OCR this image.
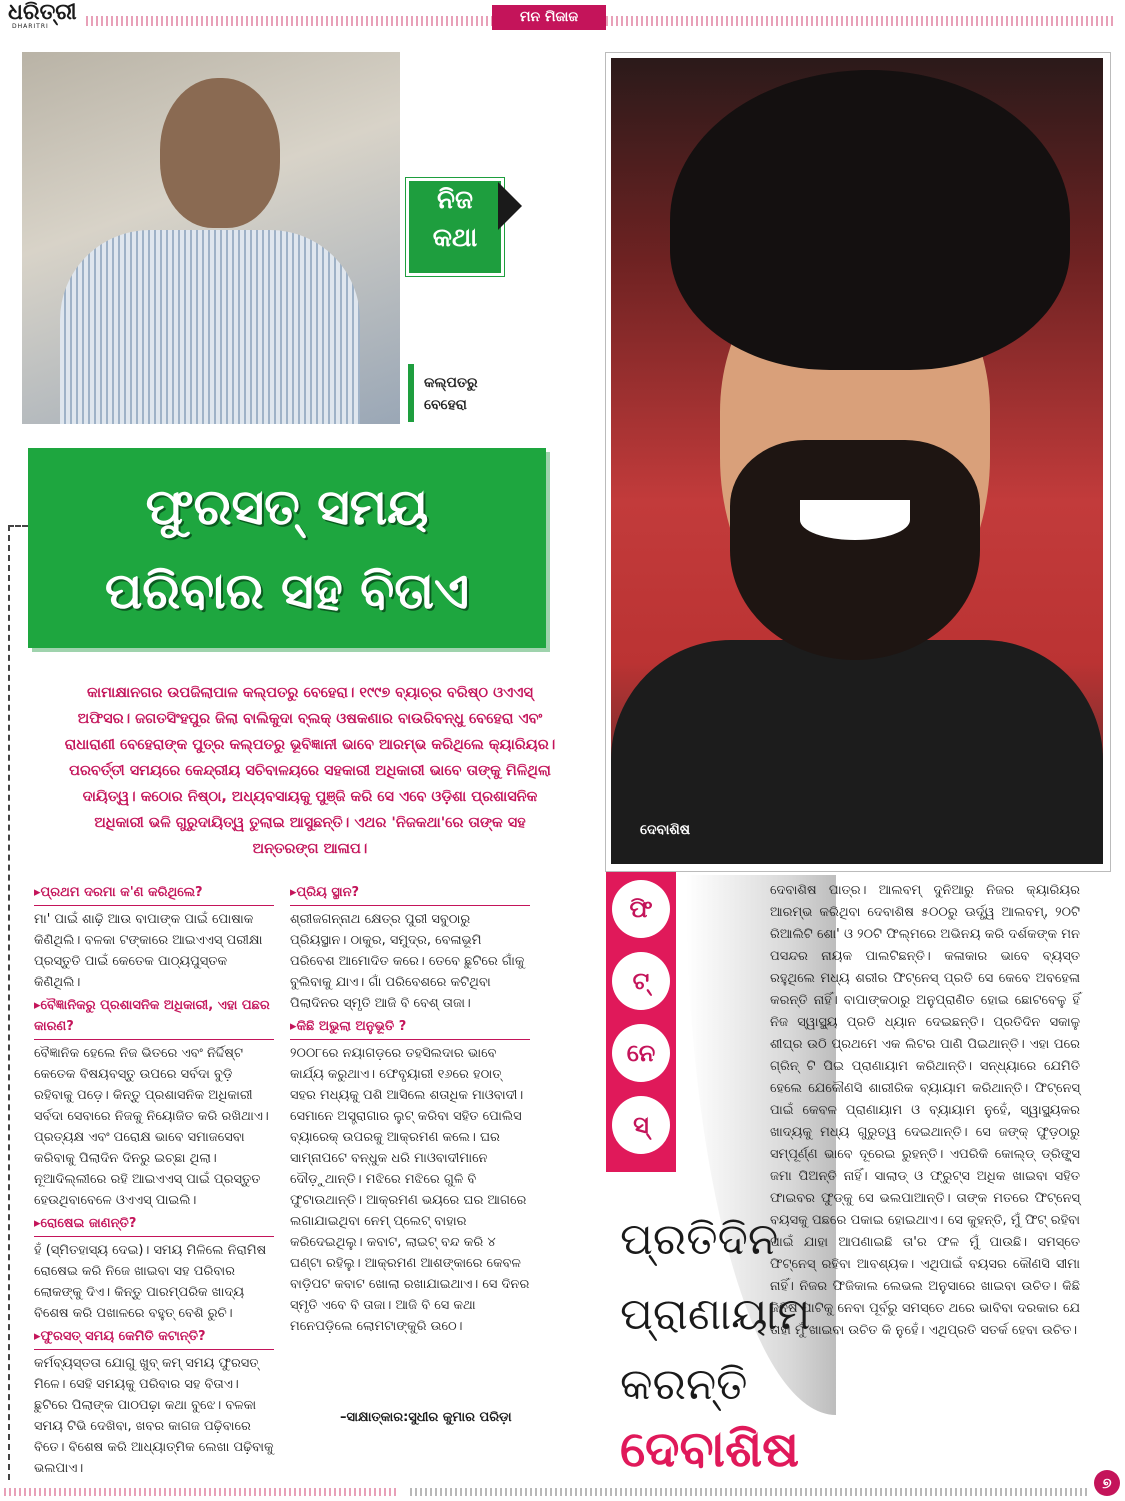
ଧରିତ୍ରୀ
DHARITRI
ମନ ମିଜାଜ
ନିଜ
କଥା
କଲ୍ପତରୁ
ବେହେରା
ଦେବାଶିଷ
ଫୁରସତ୍ ସମୟ
ପରିବାର ସହ ବିତାଏ
କାମାକ୍ଷାନଗର ଉପଜିଲାପାଳ କଲ୍ପତରୁ ବେହେରା। ୧୯୯୭ ବ୍ୟାଚ୍‌ର ବରିଷ୍ଠ ଓଏଏସ୍ ଅଫିସର। ଜଗତସିଂହପୁର ଜିଲା ବାଲିକୁଦା ବ୍ଲକ୍ ଓଷକଣାର ବାଉରିବନ୍ଧୁ ବେହେରା ଏବଂ ରାଧାରାଣୀ ବେହେରାଙ୍କ ପୁତ୍ର କଲ୍ପତରୁ ଭୂବିଜ୍ଞାନୀ ଭାବେ ଆରମ୍ଭ କରିଥିଲେ କ୍ୟାରିୟର। ପରବର୍ତ୍ତୀ ସମୟରେ କେନ୍ଦ୍ରୀୟ ସଚିବାଳୟରେ ସହକାରୀ ଅଧିକାରୀ ଭାବେ ତାଙ୍କୁ ମିଳିଥିଲା ଦାୟିତ୍ୱ। କଠୋର ନିଷ୍ଠା, ଅଧ୍ୟବସାୟକୁ ପୁଞ୍ଜି କରି ସେ ଏବେ ଓଡ଼ିଶା ପ୍ରଶାସନିକ ଅଧିକାରୀ ଭଳି ଗୁରୁଦାୟିତ୍ୱ ତୁଲାଇ ଆସୁଛନ୍ତି। ଏଥର 'ନିଜକଥା'ରେ ତାଙ୍କ ସହ ଅନ୍ତରଙ୍ଗ ଆଳାପ।
▸ ପ୍ରଥମ ଦରମା କ'ଣ କରିଥିଲେ?
ମା' ପାଇଁ ଶାଢ଼ି ଆଉ ବାପାଙ୍କ ପାଇଁ ପୋଷାକ କିଣିଥିଲି। ବଳକା ଟଙ୍କାରେ ଆଇଏଏସ୍ ପରୀକ୍ଷା ପ୍ରସ୍ତୁତି ପାଇଁ କେତେକ ପାଠ୍ୟପୁସ୍ତକ କିଣିଥିଲି।
▸ ବୈଜ୍ଞାନିକରୁ ପ୍ରଶାସନିକ ଅଧିକାରୀ, ଏହା ପଛର କାରଣ?
ବୈଜ୍ଞାନିକ ହେଲେ ନିଜ ଭିତରେ ଏବଂ ନିର୍ଦ୍ଦିଷ୍ଟ କେତେକ ବିଷୟବସ୍ତୁ ଉପରେ ସର୍ବଦା ବୁଡ଼ି ରହିବାକୁ ପଡ଼େ। କିନ୍ତୁ ପ୍ରଶାସନିକ ଅଧିକାରୀ ସର୍ବଦା ସେବାରେ ନିଜକୁ ନିୟୋଜିତ କରି ରଖିଥାଏ। ପ୍ରତ୍ୟକ୍ଷ ଏବଂ ପରୋକ୍ଷ ଭାବେ ସମାଜସେବା କରିବାକୁ ପିଲାଦିନ ଦିନରୁ ଇଚ୍ଛା ଥିଲା। ନୂଆଦିଲ୍ଲୀରେ ରହି ଆଇଏଏସ୍ ପାଇଁ ପ୍ରସ୍ତୁତ ହେଉଥିବାବେଳେ ଓଏଏସ୍ ପାଇଲି।
▸ ରୋଷେଇ ଜାଣନ୍ତି?
ହଁ (ସ୍ମିତହାସ୍ୟ ଦେଇ)। ସମୟ ମିଳିଲେ ନିରାମିଷ ରୋଷେଇ କରି ନିଜେ ଖାଇବା ସହ ପରିବାର ଲୋକଙ୍କୁ ଦିଏ। କିନ୍ତୁ ପାରମ୍ପରିକ ଖାଦ୍ୟ ବିଶେଷ କରି ପଖାଳରେ ବହୁତ୍ ବେଶି ରୁଚି।
▸ ଫୁରସତ୍ ସମୟ କେମିତି କଟାନ୍ତି?
କର୍ମବ୍ୟସ୍ତତା ଯୋଗୁ ଖୁବ୍ କମ୍ ସମୟ ଫୁରସତ୍ ମିଳେ। ସେହି ସମୟକୁ ପରିବାର ସହ ବିତାଏ। ଛୁଟିରେ ପିଲାଙ୍କ ପାଠପଢ଼ା କଥା ବୁଝେ। ବଳକା ସମୟ ଟିଭି ଦେଖିବା, ଖବର କାଗଜ ପଢ଼ିବାରେ ବିତେ। ବିଶେଷ କରି ଆଧ୍ୟାତ୍ମିକ ଲେଖା ପଢ଼ିବାକୁ ଭଲପାଏ।
▸ ପ୍ରିୟ ସ୍ଥାନ?
ଶ୍ରୀଜଗନ୍ନାଥ କ୍ଷେତ୍ର ପୁରୀ ସବୁଠାରୁ ପ୍ରିୟସ୍ଥାନ। ଠାକୁର, ସମୁଦ୍ର, ବେଳାଭୂମି ପରିବେଶ ଆମୋଦିତ କରେ। ତେବେ ଛୁଟିରେ ଗାଁକୁ ବୁଲିବାକୁ ଯାଏ। ଗାଁ ପରିବେଶରେ କଟିଥିବା ପିଲାଦିନର ସ୍ମୃତି ଆଜି ବି ବେଶ୍ ତାଜା।
▸ କିଛି ଅଭୁଲା ଅନୁଭୂତି ?
୨୦୦୮ରେ ନୟାଗଡ଼ରେ ତହସିଲଦାର ଭାବେ କାର୍ଯ୍ୟ କରୁଥାଏ। ଫେବୃୟାରୀ ୧୬ରେ ହଠାତ୍ ସହର ମଧ୍ୟକୁ ପଶି ଆସିଲେ ଶତାଧିକ ମାଓବାଦୀ। ସେମାନେ ଅସ୍ତ୍ରାଗାର ଲୁଟ୍ କରିବା ସହିତ ପୋଲିସ ବ୍ୟାରେକ୍ ଉପରକୁ ଆକ୍ରମଣ କଲେ। ଘର ସାମ୍ନାପଟେ ବନ୍ଧୁକ ଧରି ମାଓବାଦୀମାନେ ଦୌଡ଼ୁଥାନ୍ତି। ମଝିରେ ମଝିରେ ଗୁଳି ବି ଫୁଟାଉଥାନ୍ତି। ଆକ୍ରମଣ ଭୟରେ ଘର ଆଗରେ ଲଗାଯାଇଥିବା ନେମ୍ ପ୍ଲେଟ୍ ବାହାର କରିଦେଇଥିଲୁ। କବାଟ, ଲାଇଟ୍ ବନ୍ଦ କରି ୪ ଘଣ୍ଟା ରହିଲୁ। ଆକ୍ରମଣ ଆଶଙ୍କାରେ କେବଳ ବାଡ଼ିପଟ କବାଟ ଖୋଲା ରଖାଯାଇଥାଏ। ସେ ଦିନର ସ୍ମୃତି ଏବେ ବି ତାଜା। ଆଜି ବି ସେ କଥା ମନେପଡ଼ିଲେ ଲୋମଟାଙ୍କୁରି ଉଠେ।
–ସାକ୍ଷାତ୍‌କାର:ସୁଧୀର କୁମାର ପରିଡ଼ା
ଫି
ଟ୍
ନେ
ସ୍
ଦେବାଶିଷ ପାତ୍ର। ଆଲବମ୍ ଦୁନିଆରୁ ନିଜର କ୍ୟାରିୟର ଆରମ୍ଭ କରିଥିବା ଦେବାଶିଷ ୫୦୦ରୁ ଊର୍ଦ୍ଧ୍ୱ ଆଲବମ୍, ୨୦ଟି ରିଆଲିଟି ଶୋ' ଓ ୨୦ଟି ଫିଲ୍ମରେ ଅଭିନୟ କରି ଦର୍ଶକଙ୍କ ମନ ପସନ୍ଦର ନାୟକ ପାଲଟିଛନ୍ତି। କଳାକାର ଭାବେ ବ୍ୟସ୍ତ ରହୁଥିଲେ ମଧ୍ୟ ଶରୀର ଫିଟ୍‌ନେସ୍ ପ୍ରତି ସେ କେବେ ଅବହେଳା କରନ୍ତି ନାହିଁ। ବାପାଙ୍କଠାରୁ ଅନୁପ୍ରାଣିତ ହୋଇ ଛୋଟବେଳୁ ହିଁ ନିଜ ସ୍ୱାସ୍ଥ୍ୟ ପ୍ରତି ଧ୍ୟାନ ଦେଇଛନ୍ତି। ପ୍ରତିଦିନ ସକାଳୁ ଶୀଘ୍ର ଉଠି ପ୍ରଥମେ ଏକ ଲିଟର ପାଣି ପିଇଥାନ୍ତି। ଏହା ପରେ ଗ୍ରିନ୍ ଟି ପିଇ ପ୍ରାଣାୟାମ କରିଥାନ୍ତି। ସନ୍ଧ୍ୟାରେ ଯେମିତି ହେଲେ ଯେକୌଣସି ଶାରୀରିକ ବ୍ୟାୟାମ କରିଥାନ୍ତି। ଫିଟ୍‌ନେସ୍ ପାଇଁ କେବଳ ପ୍ରାଣାୟାମ ଓ ବ୍ୟାୟାମ ନୁହେଁ, ସ୍ୱାସ୍ଥ୍ୟକର ଖାଦ୍ୟକୁ ମଧ୍ୟ ଗୁରୁତ୍ୱ ଦେଇଥାନ୍ତି। ସେ ଜଙ୍କ୍ ଫୁଡ଼ଠାରୁ ସମ୍ପୂର୍ଣ୍ଣ ଭାବେ ଦୂରେଇ ରୁହନ୍ତି। ଏପରିକି କୋଲ୍ଡ୍ ଡ୍ରିଙ୍କ୍ସ ଜମା ପିଅନ୍ତି ନାହିଁ। ସାଲାଡ୍ ଓ ଫ୍ରୁଟ୍ସ ଅଧିକ ଖାଇବା ସହିତ ଫାଇବର ଫୁଡ୍‌କୁ ସେ ଭଲପାଆନ୍ତି। ତାଙ୍କ ମତରେ ଫିଟ୍‌ନେସ୍ ବୟସକୁ ପଛରେ ପକାଇ ହୋଇଥାଏ। ସେ କୁହନ୍ତି, ମୁଁ ଫିଟ୍ ରହିବା ପାଇଁ ଯାହା ଆପଣାଇଛି ତା'ର ଫଳ ମୁଁ ପାଉଛି। ସମସ୍ତେ ଫିଟ୍‌ନେସ୍ ରହିବା ଆବଶ୍ୟକ। ଏଥିପାଇଁ ବୟସର କୌଣସି ସୀମା ନାହିଁ। ନିଜର ଫିଜିକାଲ ଲେଭଲ ଅନୁସାରେ ଖାଇବା ଉଚିତ। କିଛି ଜିନିଷ ପାଟିକୁ ନେବା ପୂର୍ବରୁ ସମସ୍ତେ ଥରେ ଭାବିବା ଦରକାର ଯେ ତାହା ମୁଁ ଖାଇବା ଉଚିତ କି ନୁହେଁ। ଏଥିପ୍ରତି ସତର୍କ ହେବା ଉଚିତ।
ପ୍ରତିଦିନ
ପ୍ରାଣାୟାମ
କରନ୍ତି
ଦେବାଶିଷ
୭
